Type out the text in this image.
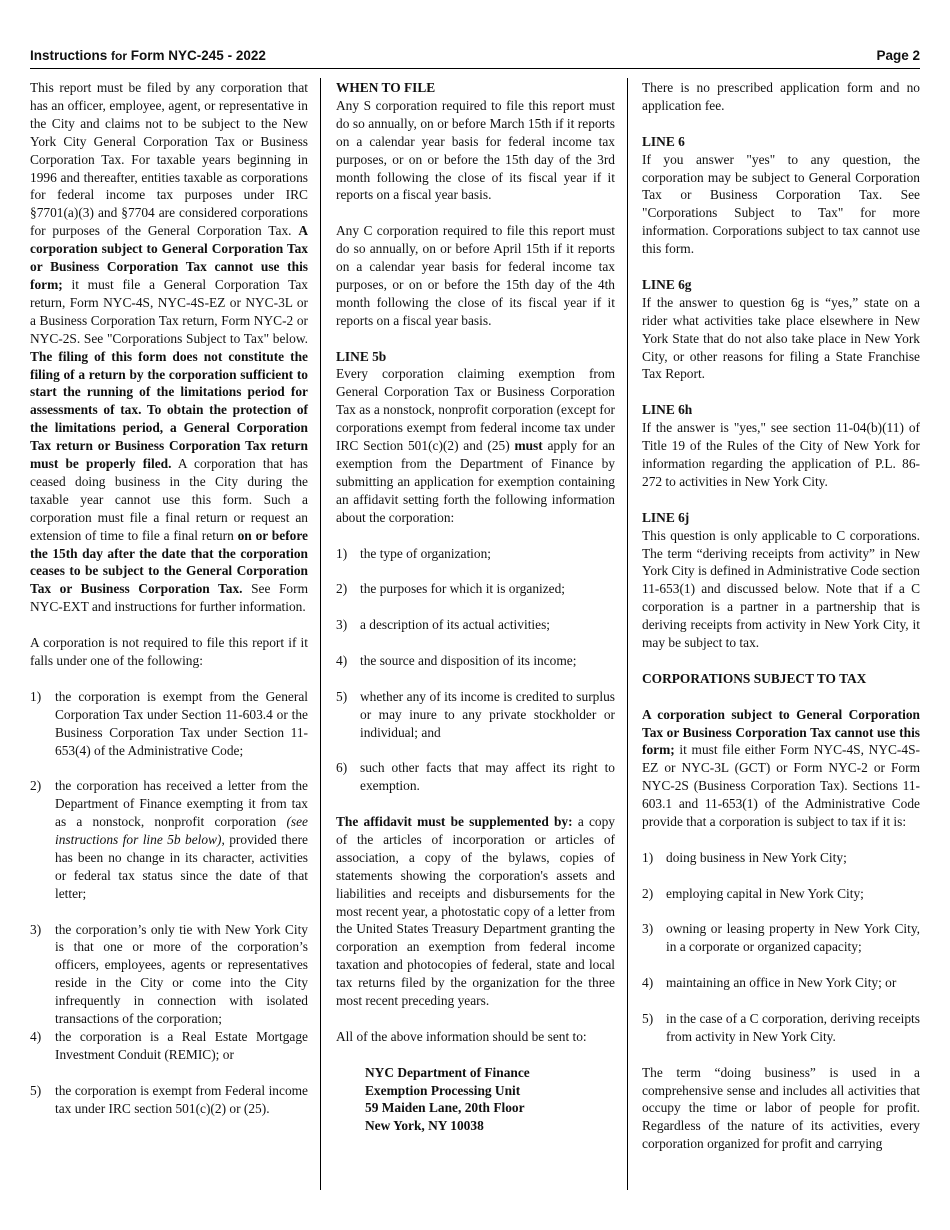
Instructions for Form NYC-245 - 2022	Page 2

This report must be filed by any corporation that has an officer, employee, agent, or representative in the City and claims not to be subject to the New York City General Corporation Tax or Business Corporation Tax. For taxable years beginning in 1996 and thereafter, entities taxable as corporations for federal income tax purposes under IRC §7701(a)(3) and §7704 are considered corporations for purposes of the General Corporation Tax. A corporation subject to General Corporation Tax or Business Corporation Tax cannot use this form; it must file a General Corporation Tax return, Form NYC-4S, NYC-4S-EZ or NYC-3L or a Business Corporation Tax return, Form NYC-2 or NYC-2S. See "Corporations Subject to Tax" below. The filing of this form does not constitute the filing of a return by the corporation sufficient to start the running of the limitations period for assessments of tax. To obtain the protection of the limitations period, a General Corporation Tax return or Business Corporation Tax return must be properly filed. A corporation that has ceased doing business in the City during the taxable year cannot use this form. Such a corporation must file a final return or request an extension of time to file a final return on or before the 15th day after the date that the corporation ceases to be subject to the General Corporation Tax or Business Corporation Tax. See Form NYC-EXT and instructions for further information.

A corporation is not required to file this report if it falls under one of the following:

1) the corporation is exempt from the General Corporation Tax under Section 11-603.4 or the Business Corporation Tax under Section 11-653(4) of the Administrative Code;
2) the corporation has received a letter from the Department of Finance exempting it from tax as a nonstock, nonprofit corporation (see instructions for line 5b below), provided there has been no change in its character, activities or federal tax status since the date of that letter;
3) the corporation’s only tie with New York City is that one or more of the corporation’s officers, employees, agents or representatives reside in the City or come into the City infrequently in connection with isolated transactions of the corporation;
4) the corporation is a Real Estate Mortgage Investment Conduit (REMIC); or
5) the corporation is exempt from Federal income tax under IRC section 501(c)(2) or (25).
WHEN TO FILE

Any S corporation required to file this report must do so annually, on or before March 15th if it reports on a calendar year basis for federal income tax purposes, or on or before the 15th day of the 3rd month following the close of its fiscal year if it reports on a fiscal year basis.

Any C corporation required to file this report must do so annually, on or before April 15th if it reports on a calendar year basis for federal income tax purposes, or on or before the 15th day of the 4th month following the close of its fiscal year if it reports on a fiscal year basis.

LINE 5b

Every corporation claiming exemption from General Corporation Tax or Business Corporation Tax as a nonstock, nonprofit corporation (except for corporations exempt from federal income tax under IRC Section 501(c)(2) and (25) must apply for an exemption from the Department of Finance by submitting an application for exemption containing an affidavit setting forth the following information about the corporation:

1) the type of organization;
2) the purposes for which it is organized;
3) a description of its actual activities;
4) the source and disposition of its income;
5) whether any of its income is credited to surplus or may inure to any private stockholder or individual; and
6) such other facts that may affect its right to exemption.

The affidavit must be supplemented by: a copy of the articles of incorporation or articles of association, a copy of the bylaws, copies of statements showing the corporation's assets and liabilities and receipts and disbursements for the most recent year, a photostatic copy of a letter from the United States Treasury Department granting the corporation an exemption from federal income taxation and photocopies of federal, state and local tax returns filed by the organization for the three most recent preceding years.

All of the above information should be sent to:

NYC Department of Finance
Exemption Processing Unit
59 Maiden Lane, 20th Floor
New York, NY 10038

There is no prescribed application form and no application fee.

LINE 6

If you answer "yes" to any question, the corporation may be subject to General Corporation Tax or Business Corporation Tax. See "Corporations Subject to Tax" for more information. Corporations subject to tax cannot use this form.

LINE 6g

If the answer to question 6g is “yes,” state on a rider what activities take place elsewhere in New York State that do not also take place in New York City, or other reasons for filing a State Franchise Tax Report.

LINE 6h

If the answer is "yes," see section 11-04(b)(11) of Title 19 of the Rules of the City of New York for information regarding the application of P.L. 86-272 to activities in New York City.

LINE 6j

This question is only applicable to C corporations. The term “deriving receipts from activity” in New York City is defined in Administrative Code section 11-653(1) and discussed below. Note that if a C corporation is a partner in a partnership that is deriving receipts from activity in New York City, it may be subject to tax.

CORPORATIONS SUBJECT TO TAX

A corporation subject to General Corporation Tax or Business Corporation Tax cannot use this form; it must file either Form NYC-4S, NYC-4S-EZ or NYC-3L (GCT) or Form NYC-2 or Form NYC-2S (Business Corporation Tax). Sections 11-603.1 and 11-653(1) of the Administrative Code provide that a corporation is subject to tax if it is:

1) doing business in New York City;
2) employing capital in New York City;
3) owning or leasing property in New York City, in a corporate or organized capacity;
4) maintaining an office in New York City; or
5) in the case of a C corporation, deriving receipts from activity in New York City.

The term “doing business” is used in a comprehensive sense and includes all activities that occupy the time or labor of people for profit. Regardless of the nature of its activities, every corporation organized for profit and carrying
